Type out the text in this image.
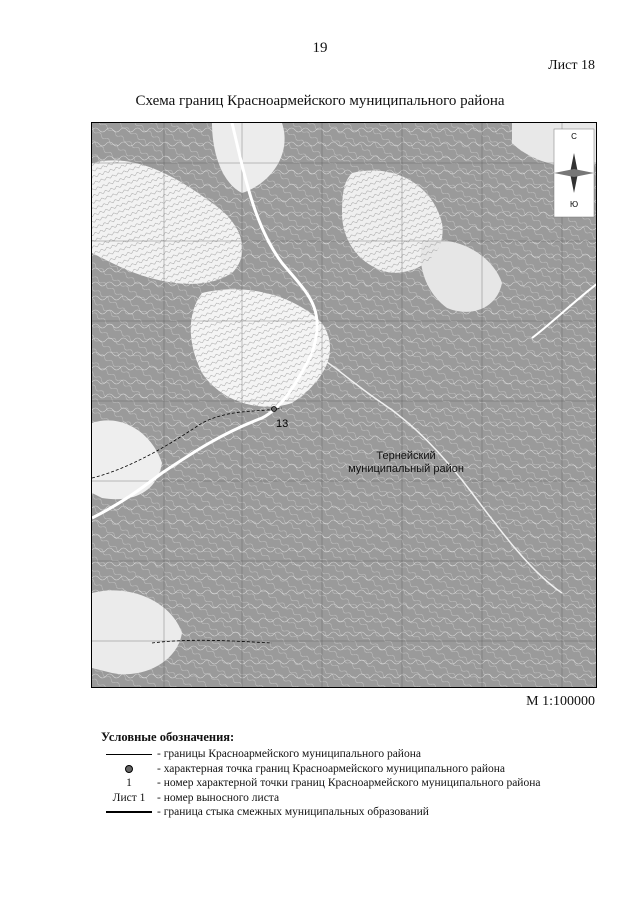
19
Лист 18
Схема границ Красноармейского муниципального района
С
Ю
13
Тернейский
муниципальный район
М 1:100000
Условные обозначения:
- границы Красноармейского муниципального района
- характерная точка границ Красноармейского муниципального района
1 - номер характерной точки границ Красноармейского муниципального района
Лист 1 - номер выносного листа
- граница стыка смежных муниципальных образований
